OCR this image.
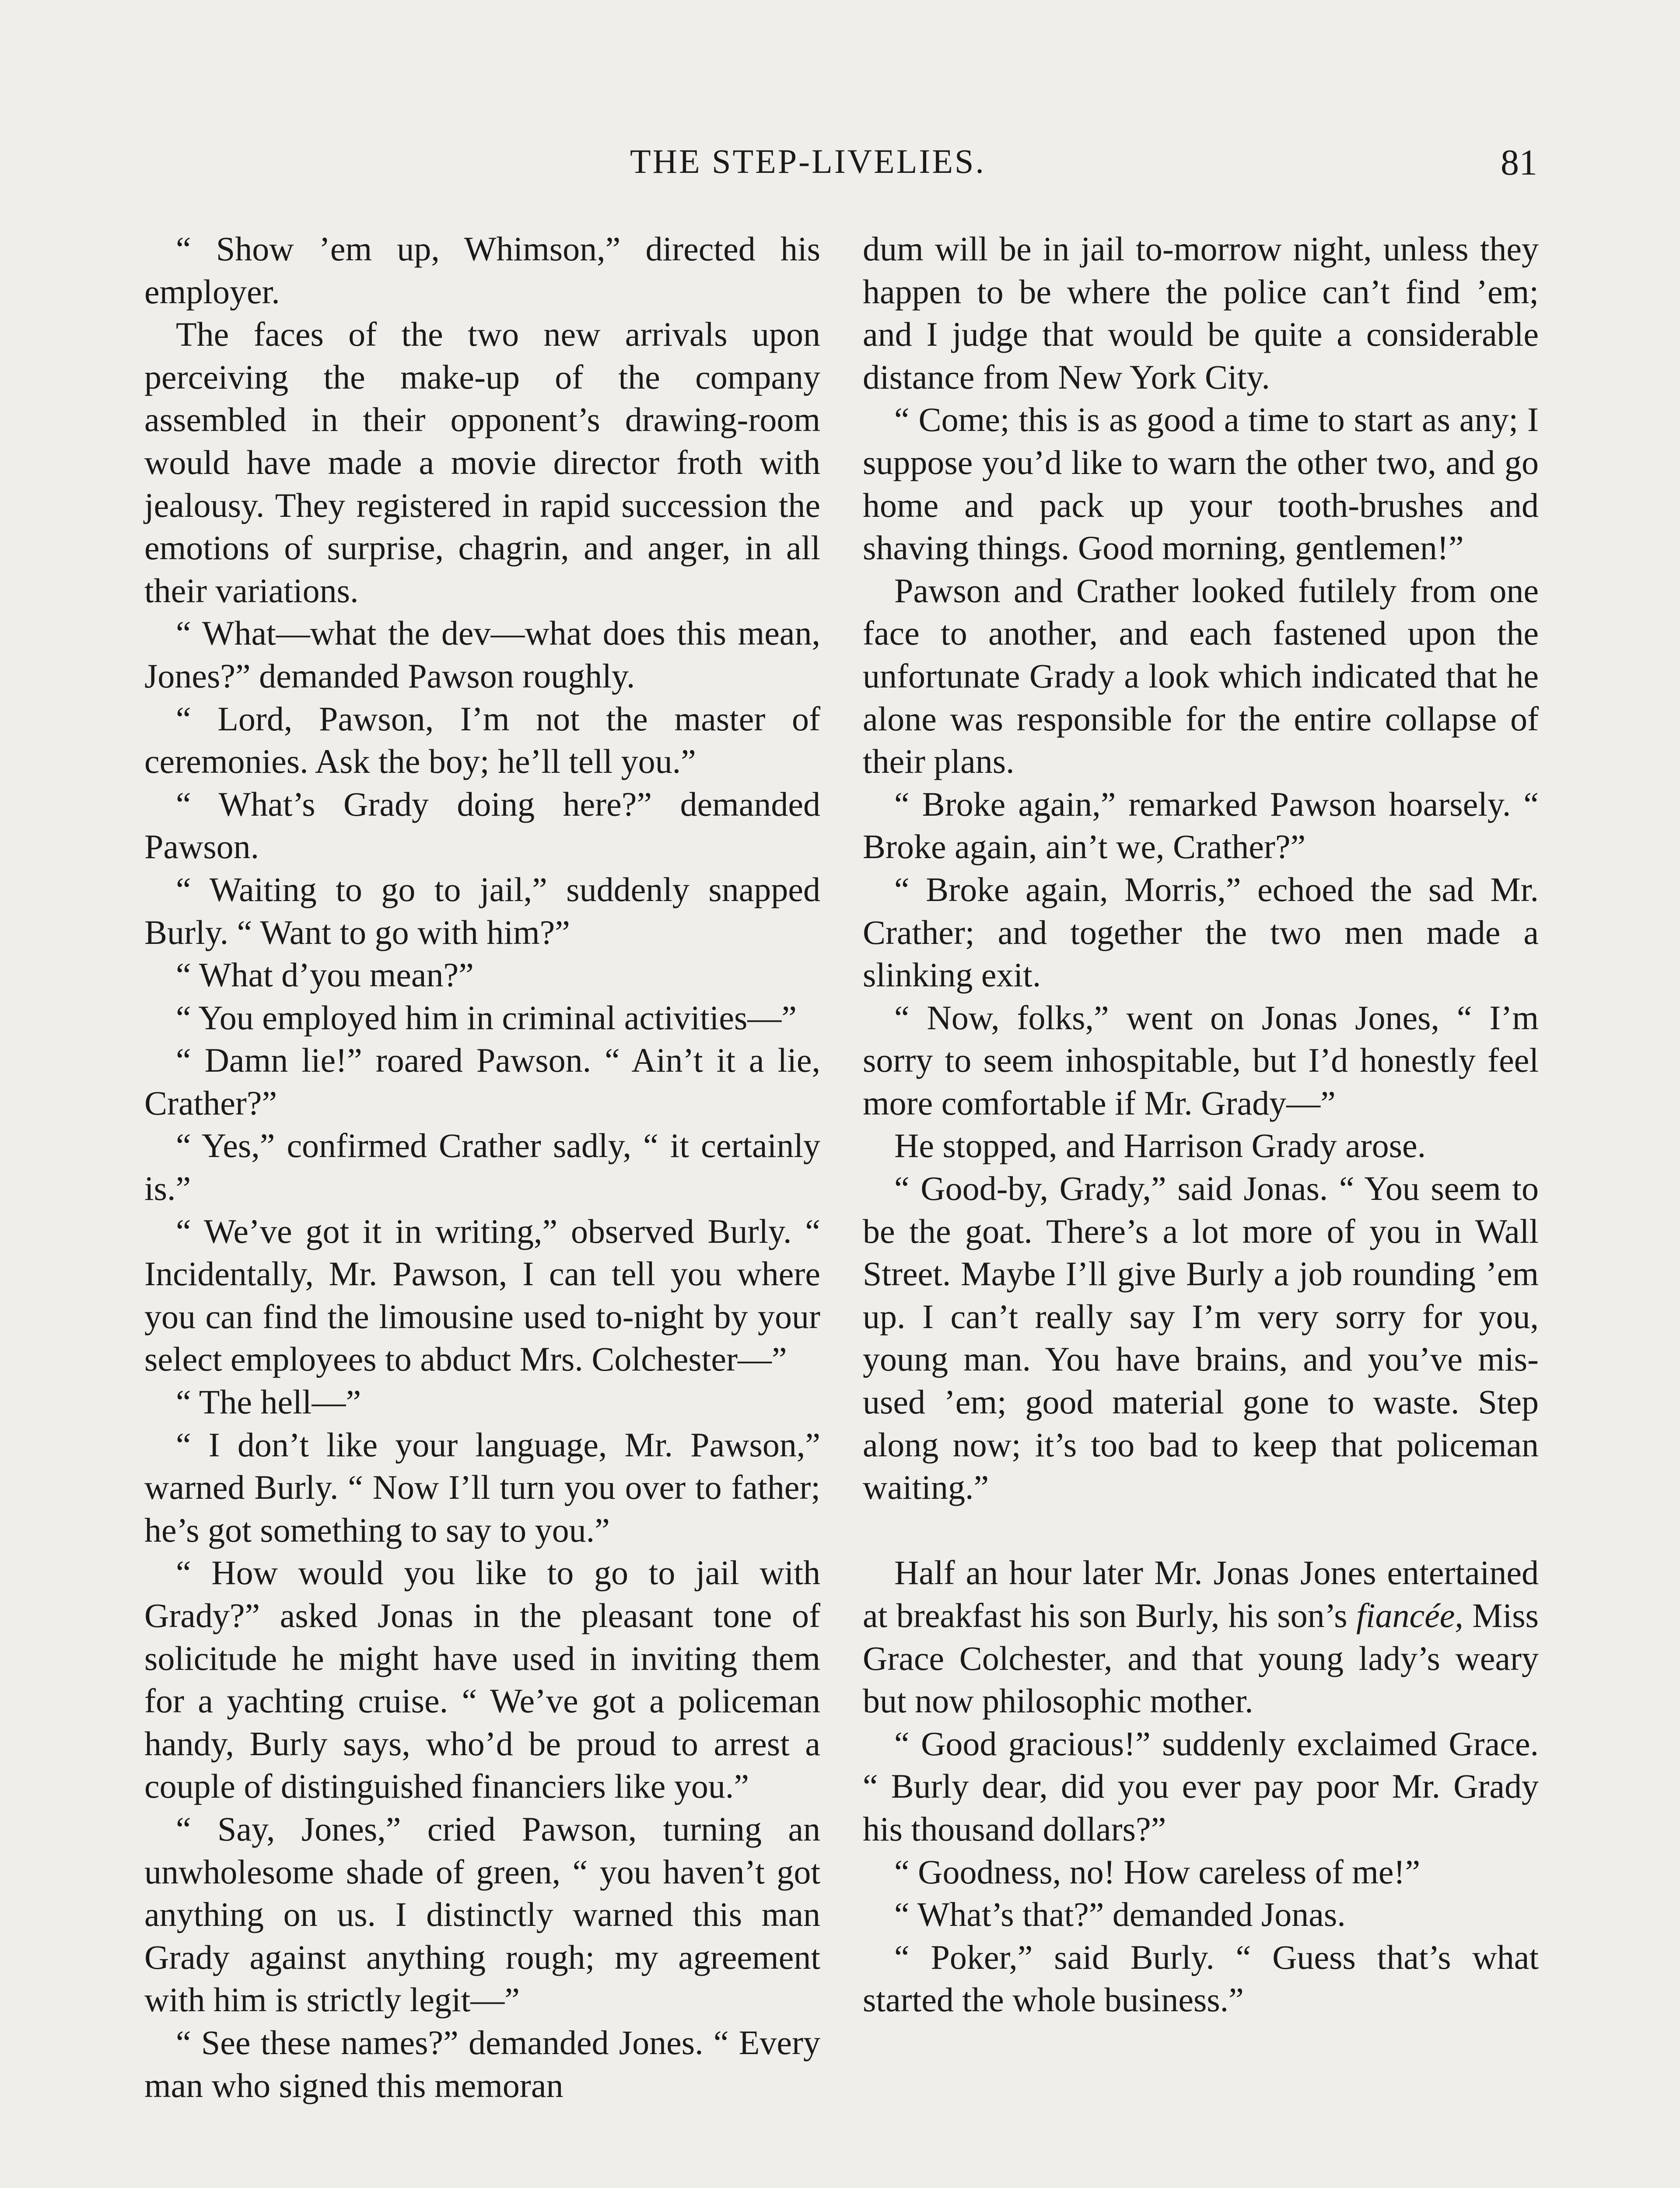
THE STEP-LIVELIES.	81

“ Show ’em up, Whimson,” directed his employer.

The faces of the two new arrivals upon perceiving the make-up of the company assembled in their opponent’s drawing-room would have made a movie director froth with jealousy. They registered in rapid succession the emotions of surprise, chagrin, and anger, in all their variations.

“ What—what the dev—what does this mean, Jones?” demanded Pawson roughly.

“ Lord, Pawson, I’m not the master of ceremonies. Ask the boy; he’ll tell you.”

“ What’s Grady doing here?” demanded Pawson.

“ Waiting to go to jail,” suddenly snapped Burly. “ Want to go with him?”

“ What d’you mean?”

“ You employed him in criminal activities—”

“ Damn lie!” roared Pawson. “ Ain’t it a lie, Crather?”

“ Yes,” confirmed Crather sadly, “ it certainly is.”

“ We’ve got it in writing,” observed Burly. “ Incidentally, Mr. Pawson, I can tell you where you can find the limousine used to-night by your select employees to abduct Mrs. Colchester—”

“ The hell—”

“ I don’t like your language, Mr. Pawson,” warned Burly. “ Now I’ll turn you over to father; he’s got something to say to you.”

“ How would you like to go to jail with Grady?” asked Jonas in the pleasant tone of solicitude he might have used in inviting them for a yachting cruise. “ We’ve got a policeman handy, Burly says, who’d be proud to arrest a couple of distinguished financiers like you.”

“ Say, Jones,” cried Pawson, turning an unwholesome shade of green, “ you haven’t got anything on us. I distinctly warned this man Grady against anything rough; my agreement with him is strictly legit—”

“ See these names?” demanded Jones. “ Every man who signed this memoran

dum will be in jail to-morrow night, unless they happen to be where the police can’t find ’em; and I judge that would be quite a considerable distance from New York City.

“ Come; this is as good a time to start as any; I suppose you’d like to warn the other two, and go home and pack up your tooth-brushes and shaving things. Good morning, gentlemen!”

Pawson and Crather looked futilely from one face to another, and each fastened upon the unfortunate Grady a look which indicated that he alone was responsible for the entire collapse of their plans.

“ Broke again,” remarked Pawson hoarsely. “ Broke again, ain’t we, Crather?”

“ Broke again, Morris,” echoed the sad Mr. Crather; and together the two men made a slinking exit.

“ Now, folks,” went on Jonas Jones, “ I’m sorry to seem inhospitable, but I’d honestly feel more comfortable if Mr. Grady—”

He stopped, and Harrison Grady arose.

“ Good-by, Grady,” said Jonas. “ You seem to be the goat. There’s a lot more of you in Wall Street. Maybe I’ll give Burly a job rounding ’em up. I can’t really say I’m very sorry for you, young man. You have brains, and you’ve misused ’em; good material gone to waste. Step along now; it’s too bad to keep that policeman waiting.”

Half an hour later Mr. Jonas Jones entertained at breakfast his son Burly, his son’s fiancée, Miss Grace Colchester, and that young lady’s weary but now philosophic mother.

“ Good gracious!” suddenly exclaimed Grace. “ Burly dear, did you ever pay poor Mr. Grady his thousand dollars?”

“ Goodness, no! How careless of me!”

“ What’s that?” demanded Jonas.

“ Poker,” said Burly. “ Guess that’s what started the whole business.”
